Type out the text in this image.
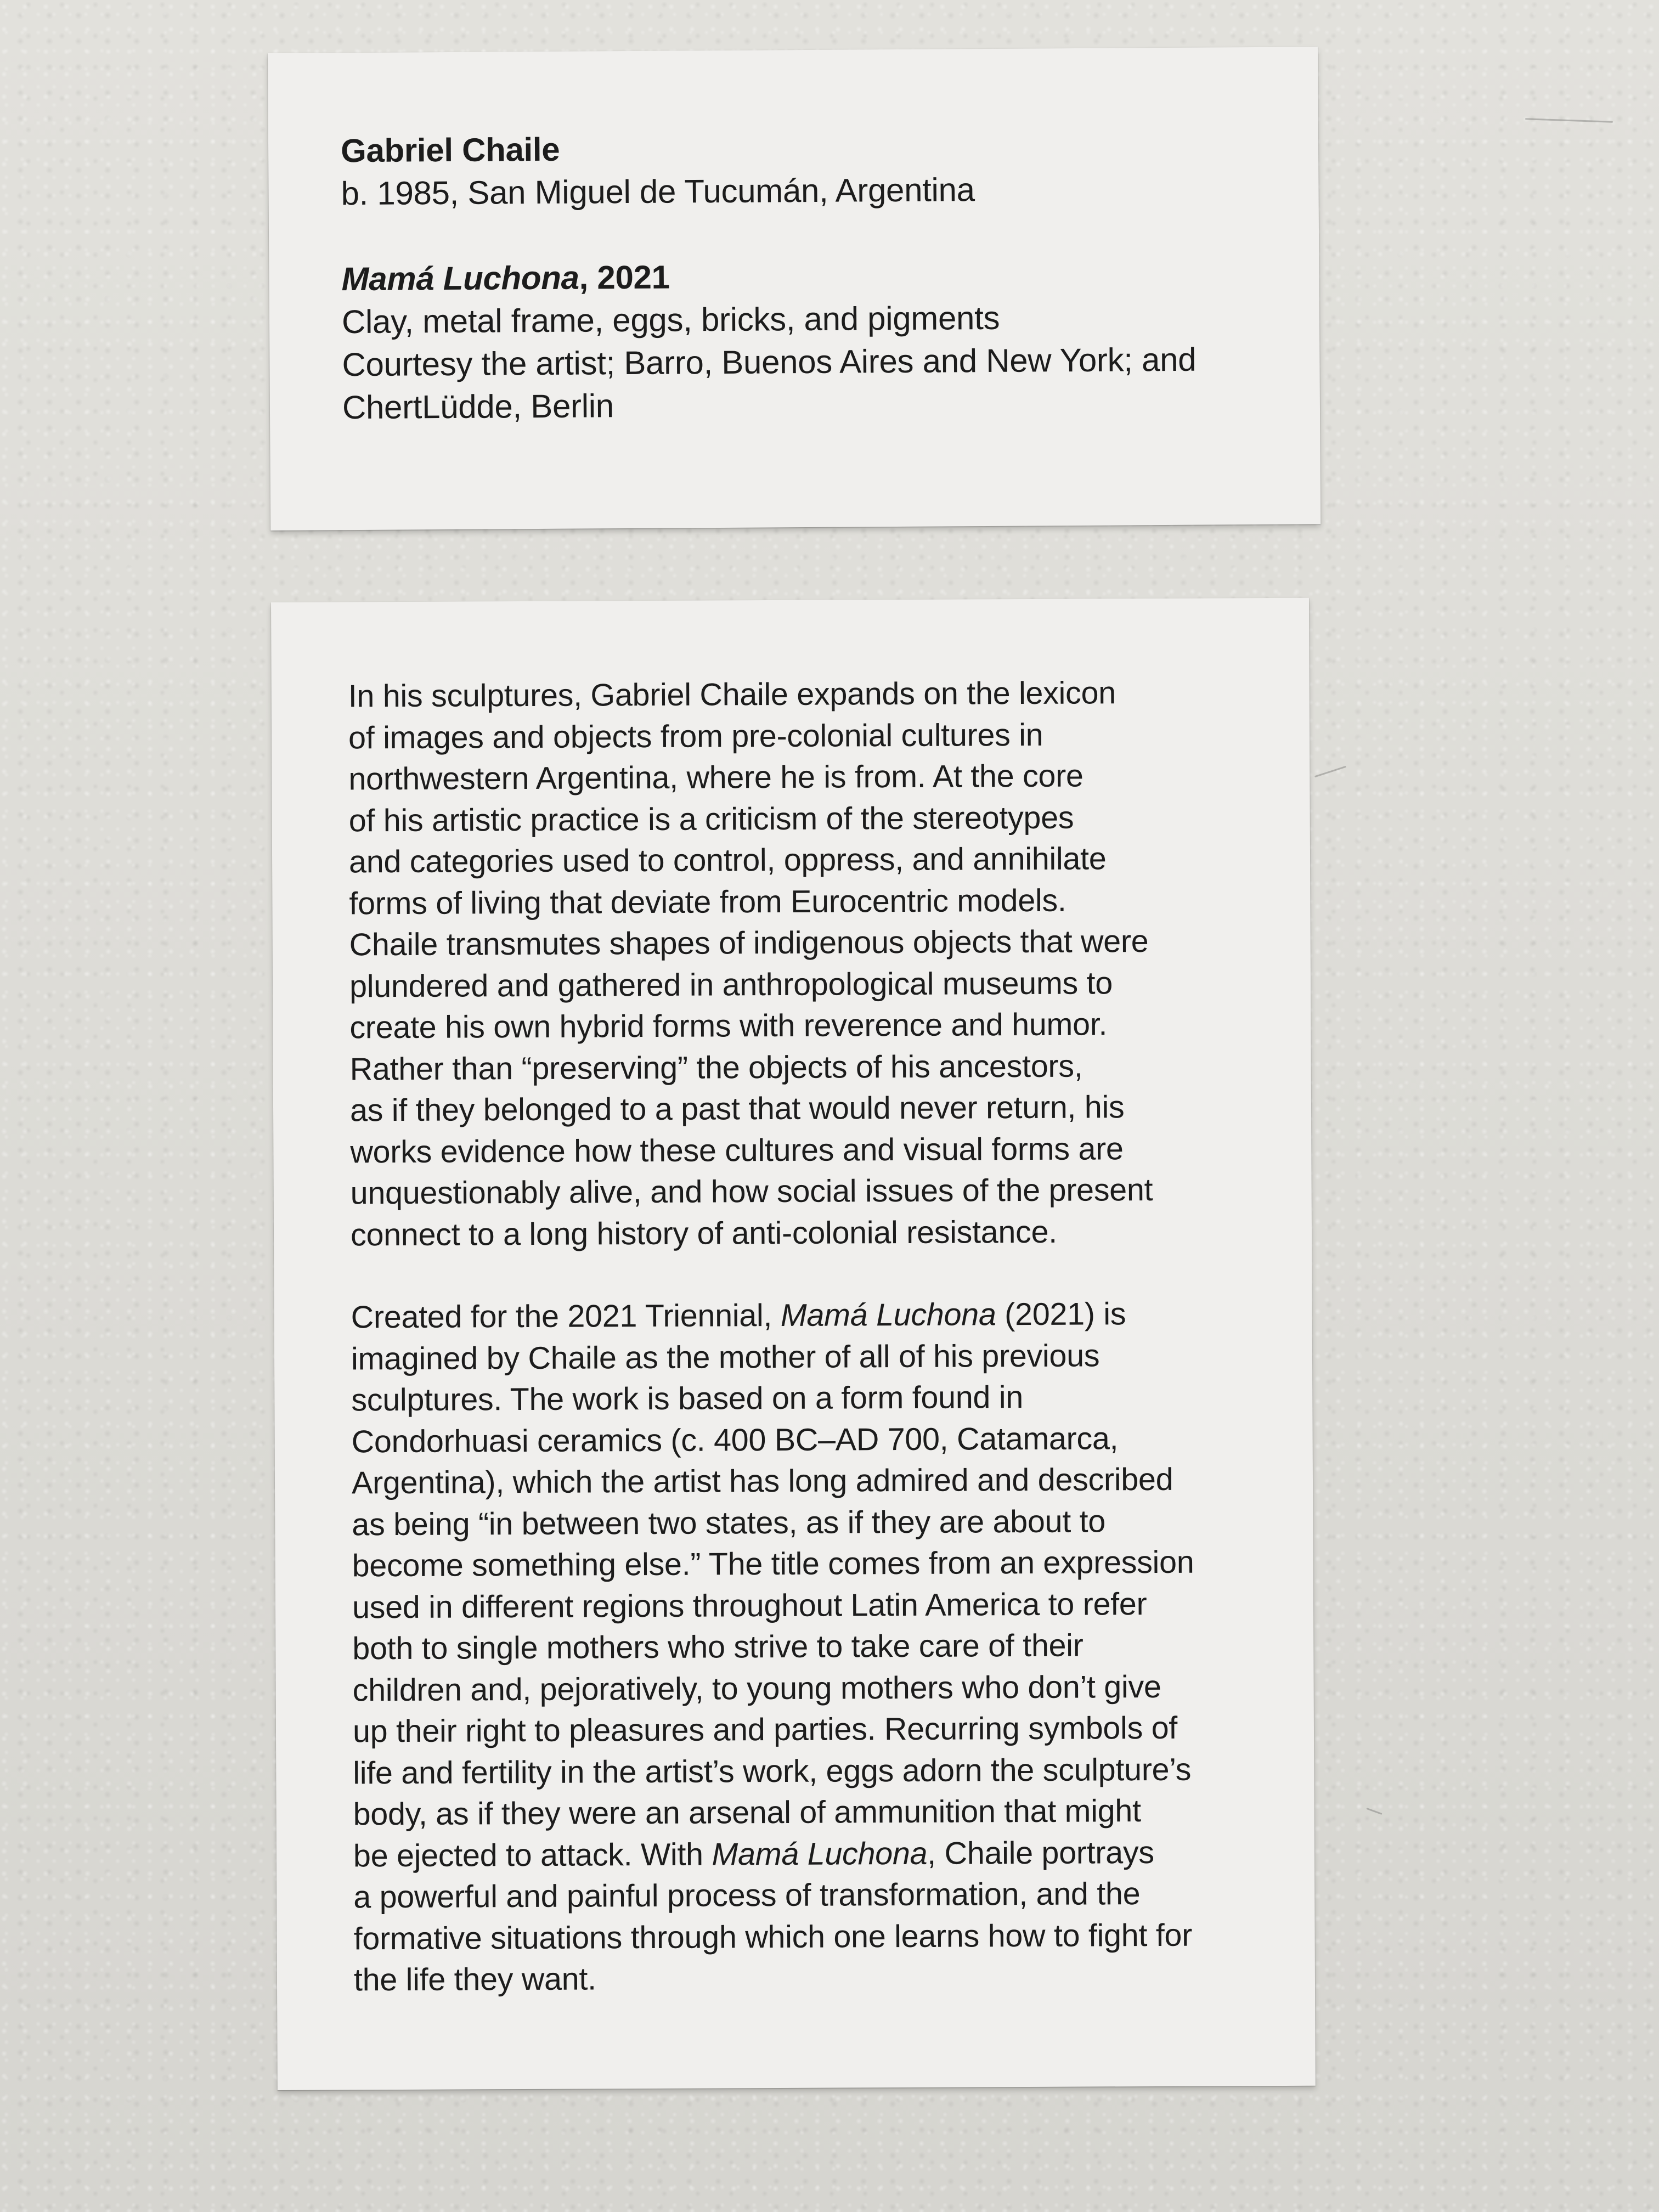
Gabriel Chaile
b. 1985, San Miguel de Tucumán, Argentina
Mamá Luchona, 2021
Clay, metal frame, eggs, bricks, and pigments
Courtesy the artist; Barro, Buenos Aires and New York; and
ChertLüdde, Berlin
In his sculptures, Gabriel Chaile expands on the lexicon
of images and objects from pre-colonial cultures in
northwestern Argentina, where he is from. At the core
of his artistic practice is a criticism of the stereotypes
and categories used to control, oppress, and annihilate
forms of living that deviate from Eurocentric models.
Chaile transmutes shapes of indigenous objects that were
plundered and gathered in anthropological museums to
create his own hybrid forms with reverence and humor.
Rather than “preserving” the objects of his ancestors,
as if they belonged to a past that would never return, his
works evidence how these cultures and visual forms are
unquestionably alive, and how social issues of the present
connect to a long history of anti-colonial resistance.
Created for the 2021 Triennial, Mamá Luchona (2021) is
imagined by Chaile as the mother of all of his previous
sculptures. The work is based on a form found in
Condorhuasi ceramics (c. 400 BC–AD 700, Catamarca,
Argentina), which the artist has long admired and described
as being “in between two states, as if they are about to
become something else.” The title comes from an expression
used in different regions throughout Latin America to refer
both to single mothers who strive to take care of their
children and, pejoratively, to young mothers who don’t give
up their right to pleasures and parties. Recurring symbols of
life and fertility in the artist’s work, eggs adorn the sculpture’s
body, as if they were an arsenal of ammunition that might
be ejected to attack. With Mamá Luchona, Chaile portrays
a powerful and painful process of transformation, and the
formative situations through which one learns how to fight for
the life they want.
